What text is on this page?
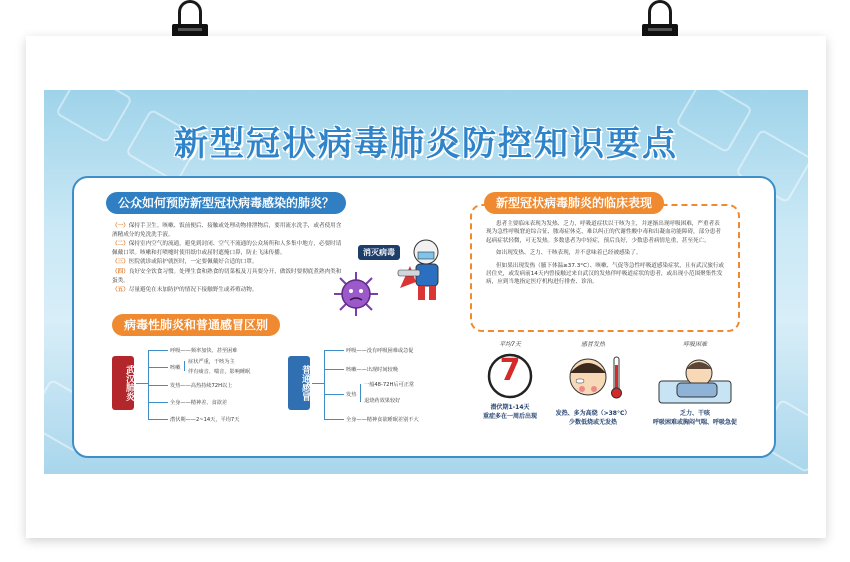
新型冠状病毒肺炎防控知识要点
公众如何预防新型冠状病毒感染的肺炎？
（一）保持手卫生。咳嗽、饭前便后、接触或处理动物排泄物后，要用流水洗手，或者使用含酒精成分的免洗洗手液。
（二）保持室内空气的流通。避免到封闭、空气不流通的公众场所和人多集中地方，必要时请佩戴口罩。咳嗽和打喷嚏时使用纸巾或屈肘遮掩口鼻，防止飞沫传播。
（三）医院就诊或陪护就医时，一定要佩戴好合适的口罩。
（四）良好安全饮食习惯。处理生食和熟食的切菜板及刀具要分开，做饭时要彻底煮熟肉类和蛋类。
（五）尽量避免在未加防护的情况下接触野生或养殖动物。
消灭病毒
病毒性肺炎和普通感冒区别
武汉肺炎
呼吸——频率加快、甚至困难
咳嗽
症状严重，干咳为主
伴有痰音、喘音，影响睡眠
发热——高热持续72H以上
全身——精神差、食欲差
潜伏期——2~14天，平均7天
普通感冒
呼吸——没有呼吸困难或急促
咳嗽——出现时间较晚
发热
一般48-72H后可正常
退烧药效果较好
全身——精神食欲睡眠差别不大

患者主要临床表现为发热、乏力，呼吸道症状以干咳为主，并逐渐出现呼吸困难，严重者表现为急性呼吸窘迫综合征、脓毒症休克、难以纠正的代谢性酸中毒和出凝血功能障碍，部分患者起病症状轻微，可无发热。多数患者为中轻症，预后良好，少数患者病情危重，甚至死亡。

如出现发热、乏力、干咳表现，并不意味着已经被感染了。

但如果出现发热（腋下体温≥37.3°C）、咳嗽、气促等急性呼吸道感染症状，且有武汉旅行或居住史，或发病前14天内曾接触过来自武汉的发热伴呼吸道症状的患者，或出现小范围聚集性发病，应到当地指定医疗机构进行排查、诊治。

新型冠状病毒肺炎的临床表现
平均7天
7
潜伏期1-14天
重症多在一周后出现
感冒发热
发热、多为高烧（>38°C）
少数低烧或无发热
呼吸困难
乏力、干咳
呼吸困难或胸闷气喘、呼吸急促
